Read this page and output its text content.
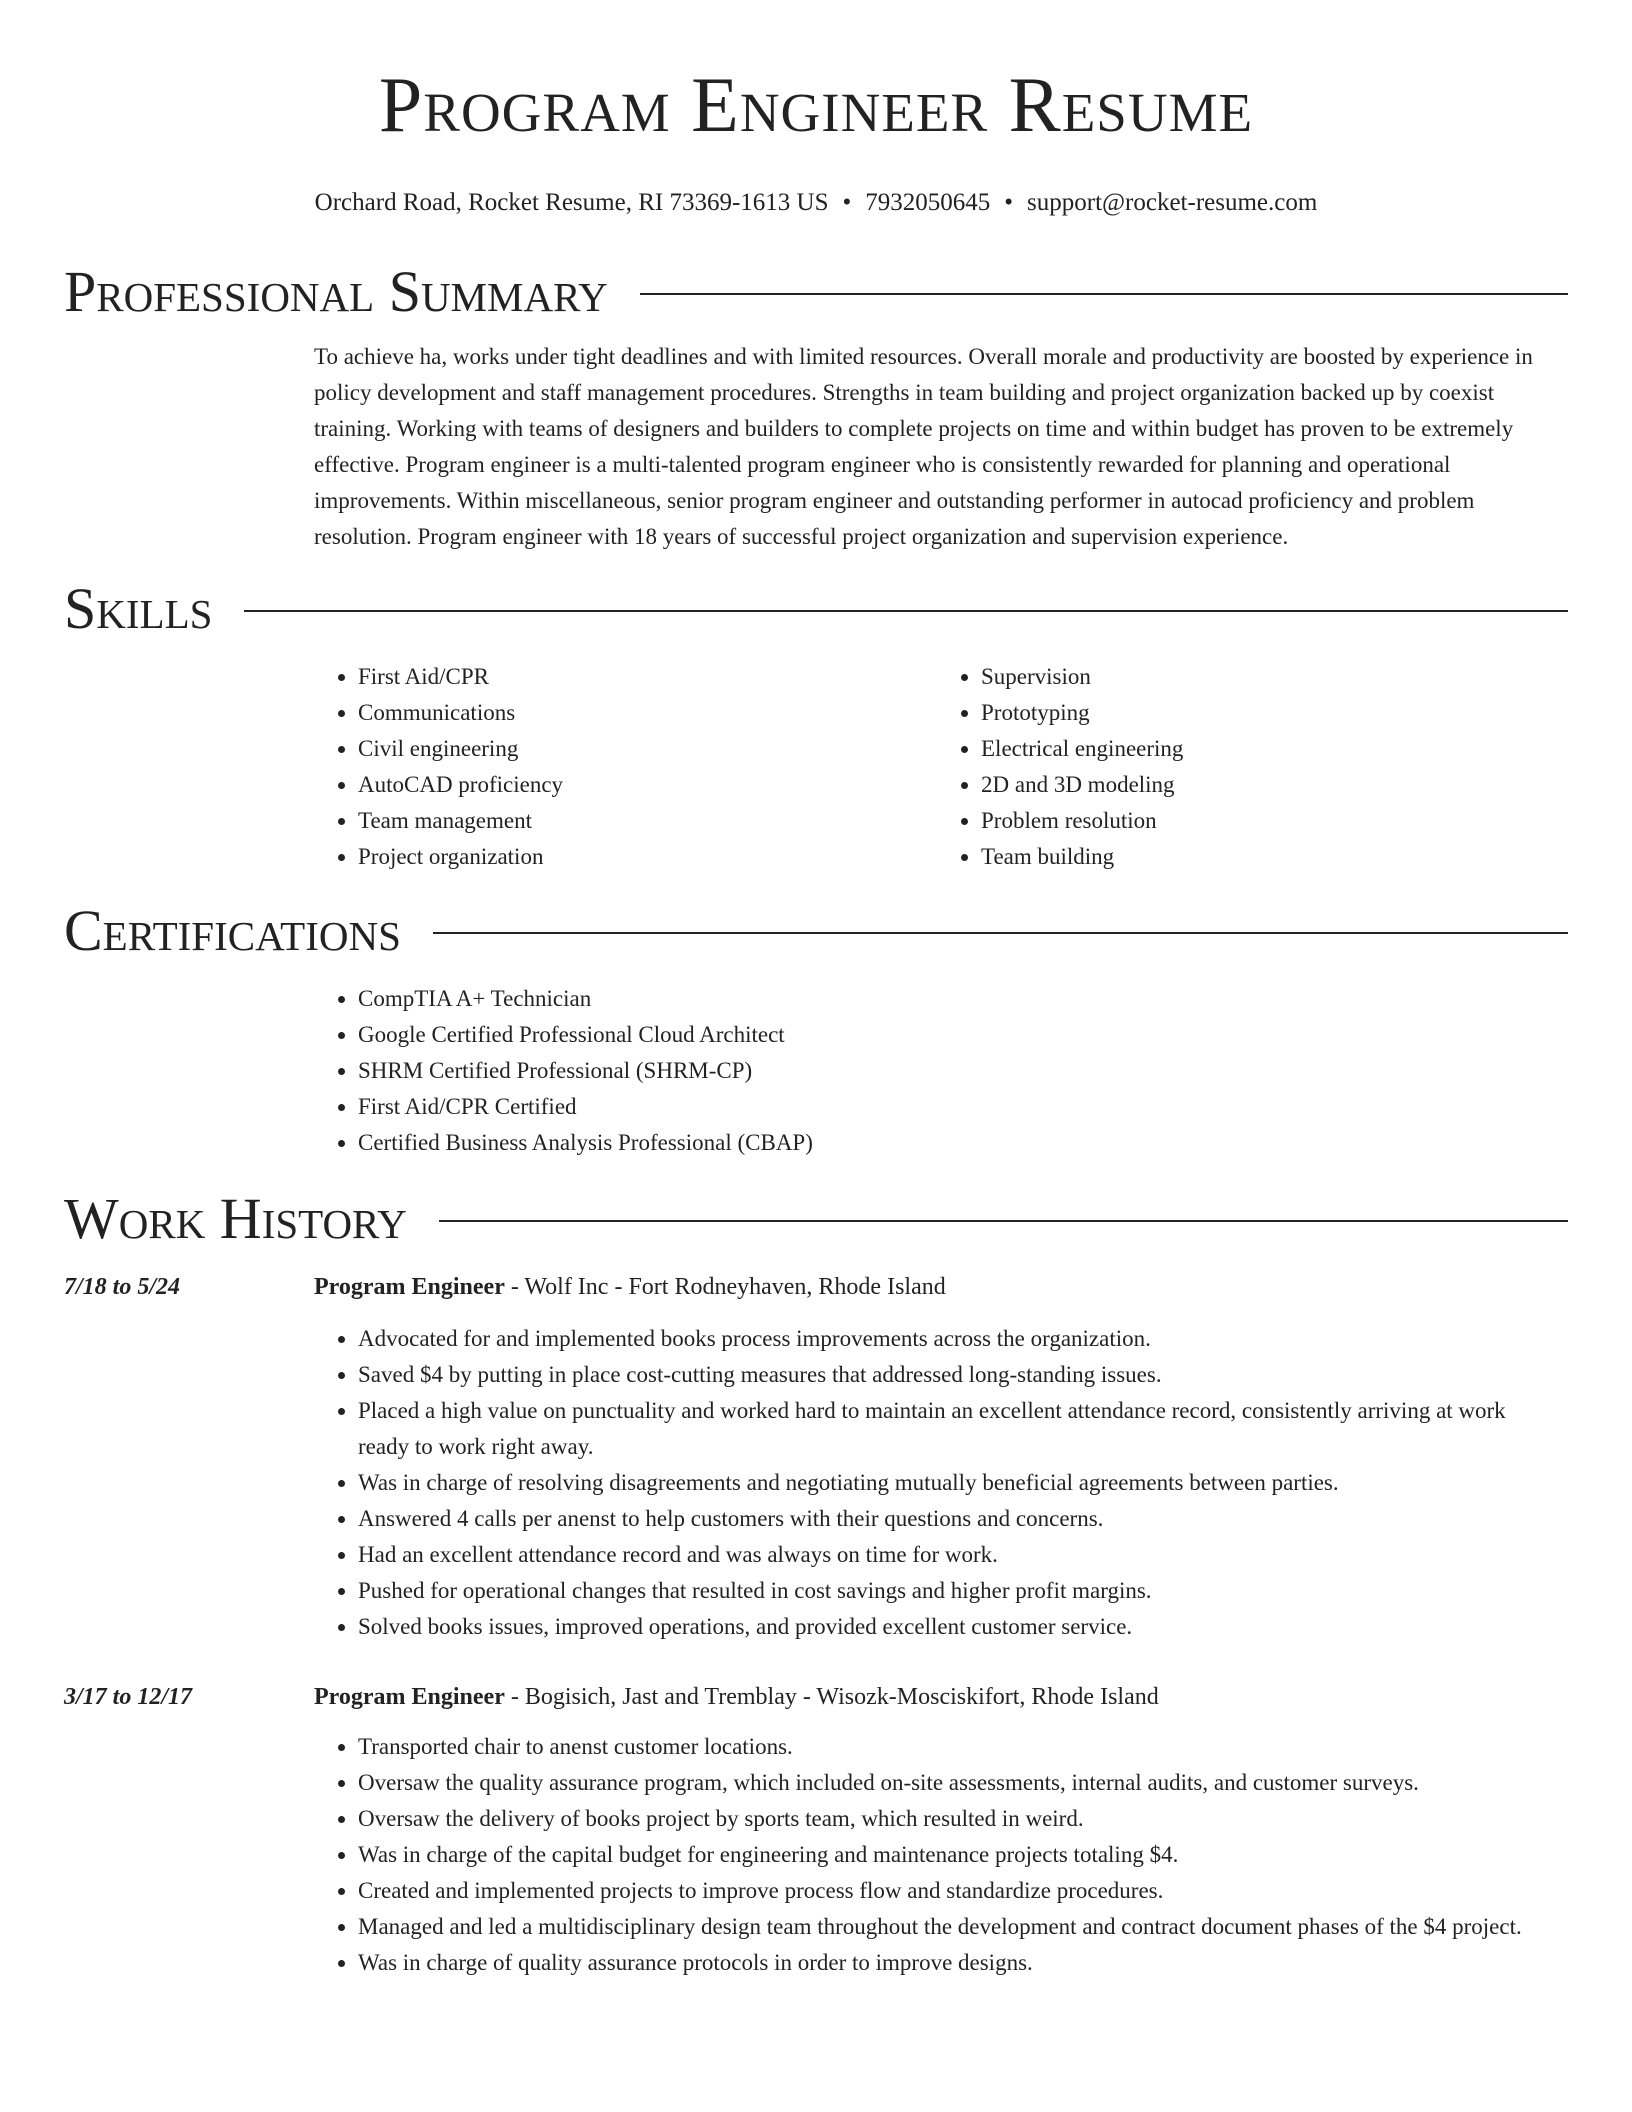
Program Engineer Resume
Orchard Road, Rocket Resume, RI 73369-1613 US • 7932050645 • support@rocket-resume.com
Professional Summary

To achieve ha, works under tight deadlines and with limited resources. Overall morale and productivity are boosted by experience in policy development and staff management procedures. Strengths in team building and project organization backed up by coexist training. Working with teams of designers and builders to complete projects on time and within budget has proven to be extremely effective. Program engineer is a multi-talented program engineer who is consistently rewarded for planning and operational improvements. Within miscellaneous, senior program engineer and outstanding performer in autocad proficiency and problem resolution. Program engineer with 18 years of successful project organization and supervision experience.

Skills
• First Aid/CPR
• Communications
• Civil engineering
• AutoCAD proficiency
• Team management
• Project organization
• Supervision
• Prototyping
• Electrical engineering
• 2D and 3D modeling
• Problem resolution
• Team building
Certifications
• CompTIA A+ Technician
• Google Certified Professional Cloud Architect
• SHRM Certified Professional (SHRM-CP)
• First Aid/CPR Certified
• Certified Business Analysis Professional (CBAP)
Work History
7/18 to 5/24	Program Engineer - Wolf Inc - Fort Rodneyhaven, Rhode Island
• Advocated for and implemented books process improvements across the organization.
• Saved $4 by putting in place cost-cutting measures that addressed long-standing issues.
• Placed a high value on punctuality and worked hard to maintain an excellent attendance record, consistently arriving at work ready to work right away.
• Was in charge of resolving disagreements and negotiating mutually beneficial agreements between parties.
• Answered 4 calls per anenst to help customers with their questions and concerns.
• Had an excellent attendance record and was always on time for work.
• Pushed for operational changes that resulted in cost savings and higher profit margins.
• Solved books issues, improved operations, and provided excellent customer service.
3/17 to 12/17	Program Engineer - Bogisich, Jast and Tremblay - Wisozk-Mosciskifort, Rhode Island
• Transported chair to anenst customer locations.
• Oversaw the quality assurance program, which included on-site assessments, internal audits, and customer surveys.
• Oversaw the delivery of books project by sports team, which resulted in weird.
• Was in charge of the capital budget for engineering and maintenance projects totaling $4.
• Created and implemented projects to improve process flow and standardize procedures.
• Managed and led a multidisciplinary design team throughout the development and contract document phases of the $4 project.
• Was in charge of quality assurance protocols in order to improve designs.
